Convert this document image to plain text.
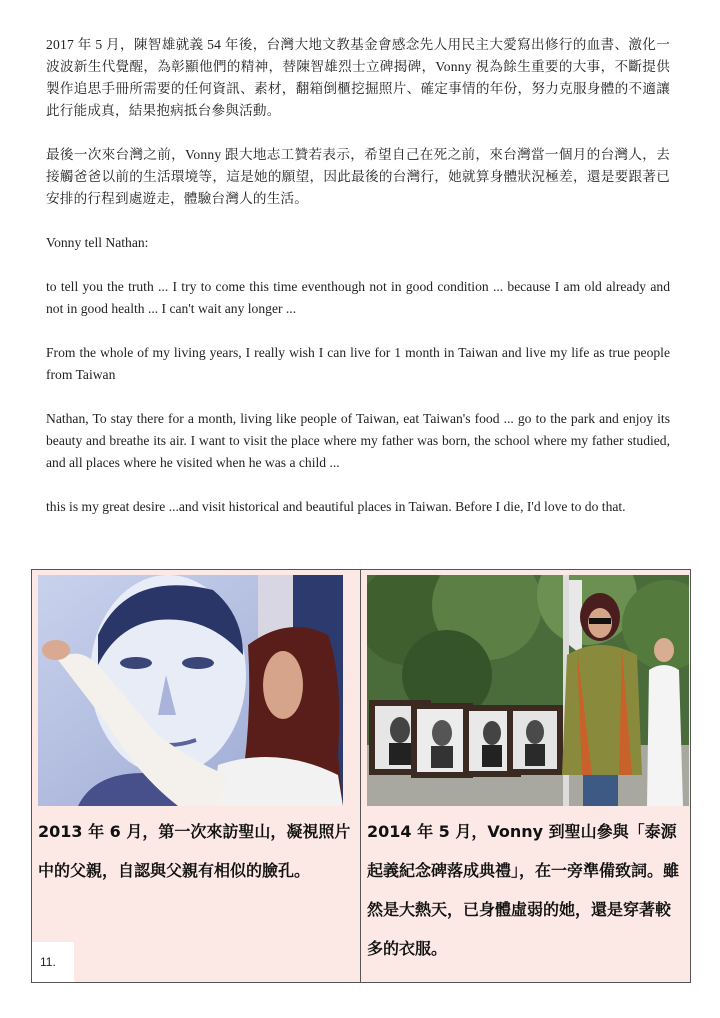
2017 年 5 月，陳智雄就義 54 年後，台灣大地文教基金會感念先人用民主大愛寫出修行的血書、激化一波波新生代覺醒，為彰顯他們的精神，替陳智雄烈士立碑揭碑，Vonny 視為餘生重要的大事，不斷提供製作追思手冊所需要的任何資訊、素材，翻箱倒櫃挖掘照片、確定事情的年份，努力克服身體的不適讓此行能成真，結果抱病抵台參與活動。

最後一次來台灣之前，Vonny 跟大地志工贊若表示，希望自己在死之前，來台灣當一個月的台灣人，去接觸爸爸以前的生活環境等，這是她的願望，因此最後的台灣行，她就算身體狀況極差，還是要跟著已安排的行程到處遊走，體驗台灣人的生活。

Vonny tell Nathan:

to tell you the truth ... I try to come this time eventhough not in good condition ... because I am old already and not in good health ... I can't wait any longer ...

From the whole of my living years, I really wish I can live for 1 month in Taiwan and live my life as true people from Taiwan

Nathan, To stay there for a month, living like people of Taiwan, eat Taiwan's food ... go to the park and enjoy its beauty and breathe its air. I want to visit the place where my father was born, the school where my father studied, and all places where he visited when he was a child ...

this is my great desire ...and visit historical and beautiful places in Taiwan. Before I die, I'd love to do that.

2013 年 6 月，第一次來訪聖山，凝視照片中的父親，自認與父親有相似的臉孔。
11.
2014 年 5 月，Vonny 到聖山參與「泰源起義紀念碑落成典禮」，在一旁準備致詞。雖然是大熱天，已身體虛弱的她，還是穿著較多的衣服。
